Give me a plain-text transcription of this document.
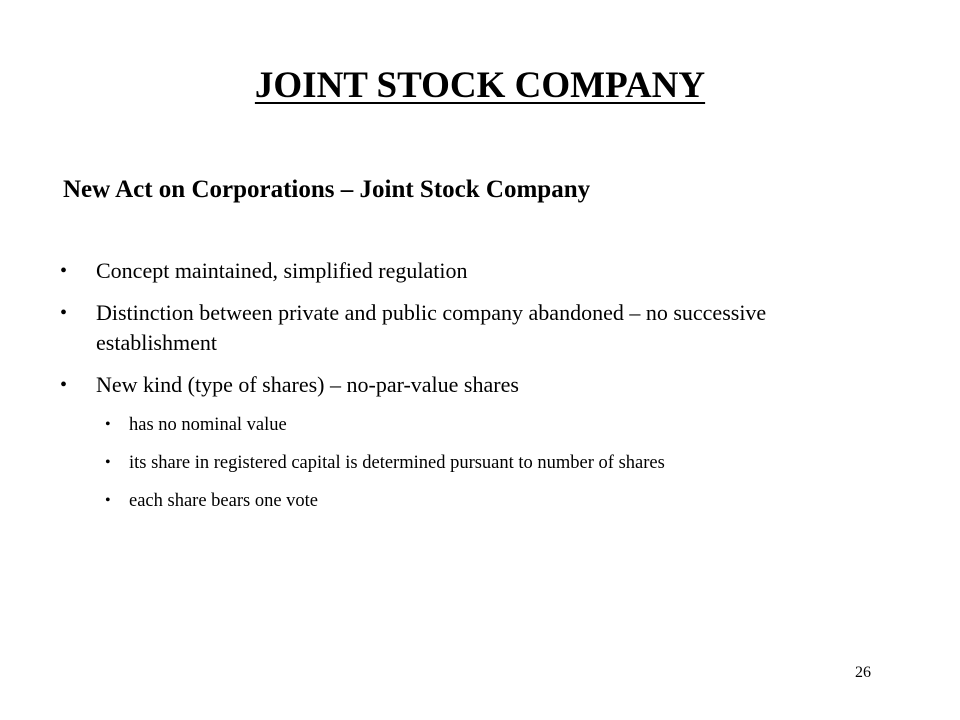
JOINT STOCK COMPANY
New Act on Corporations – Joint Stock Company
• Concept maintained, simplified regulation
• Distinction between private and public company abandoned – no successive establishment
• New kind (type of shares) – no-par-value shares
• has no nominal value
• its share in registered capital is determined pursuant to number of shares
• each share bears one vote
26
